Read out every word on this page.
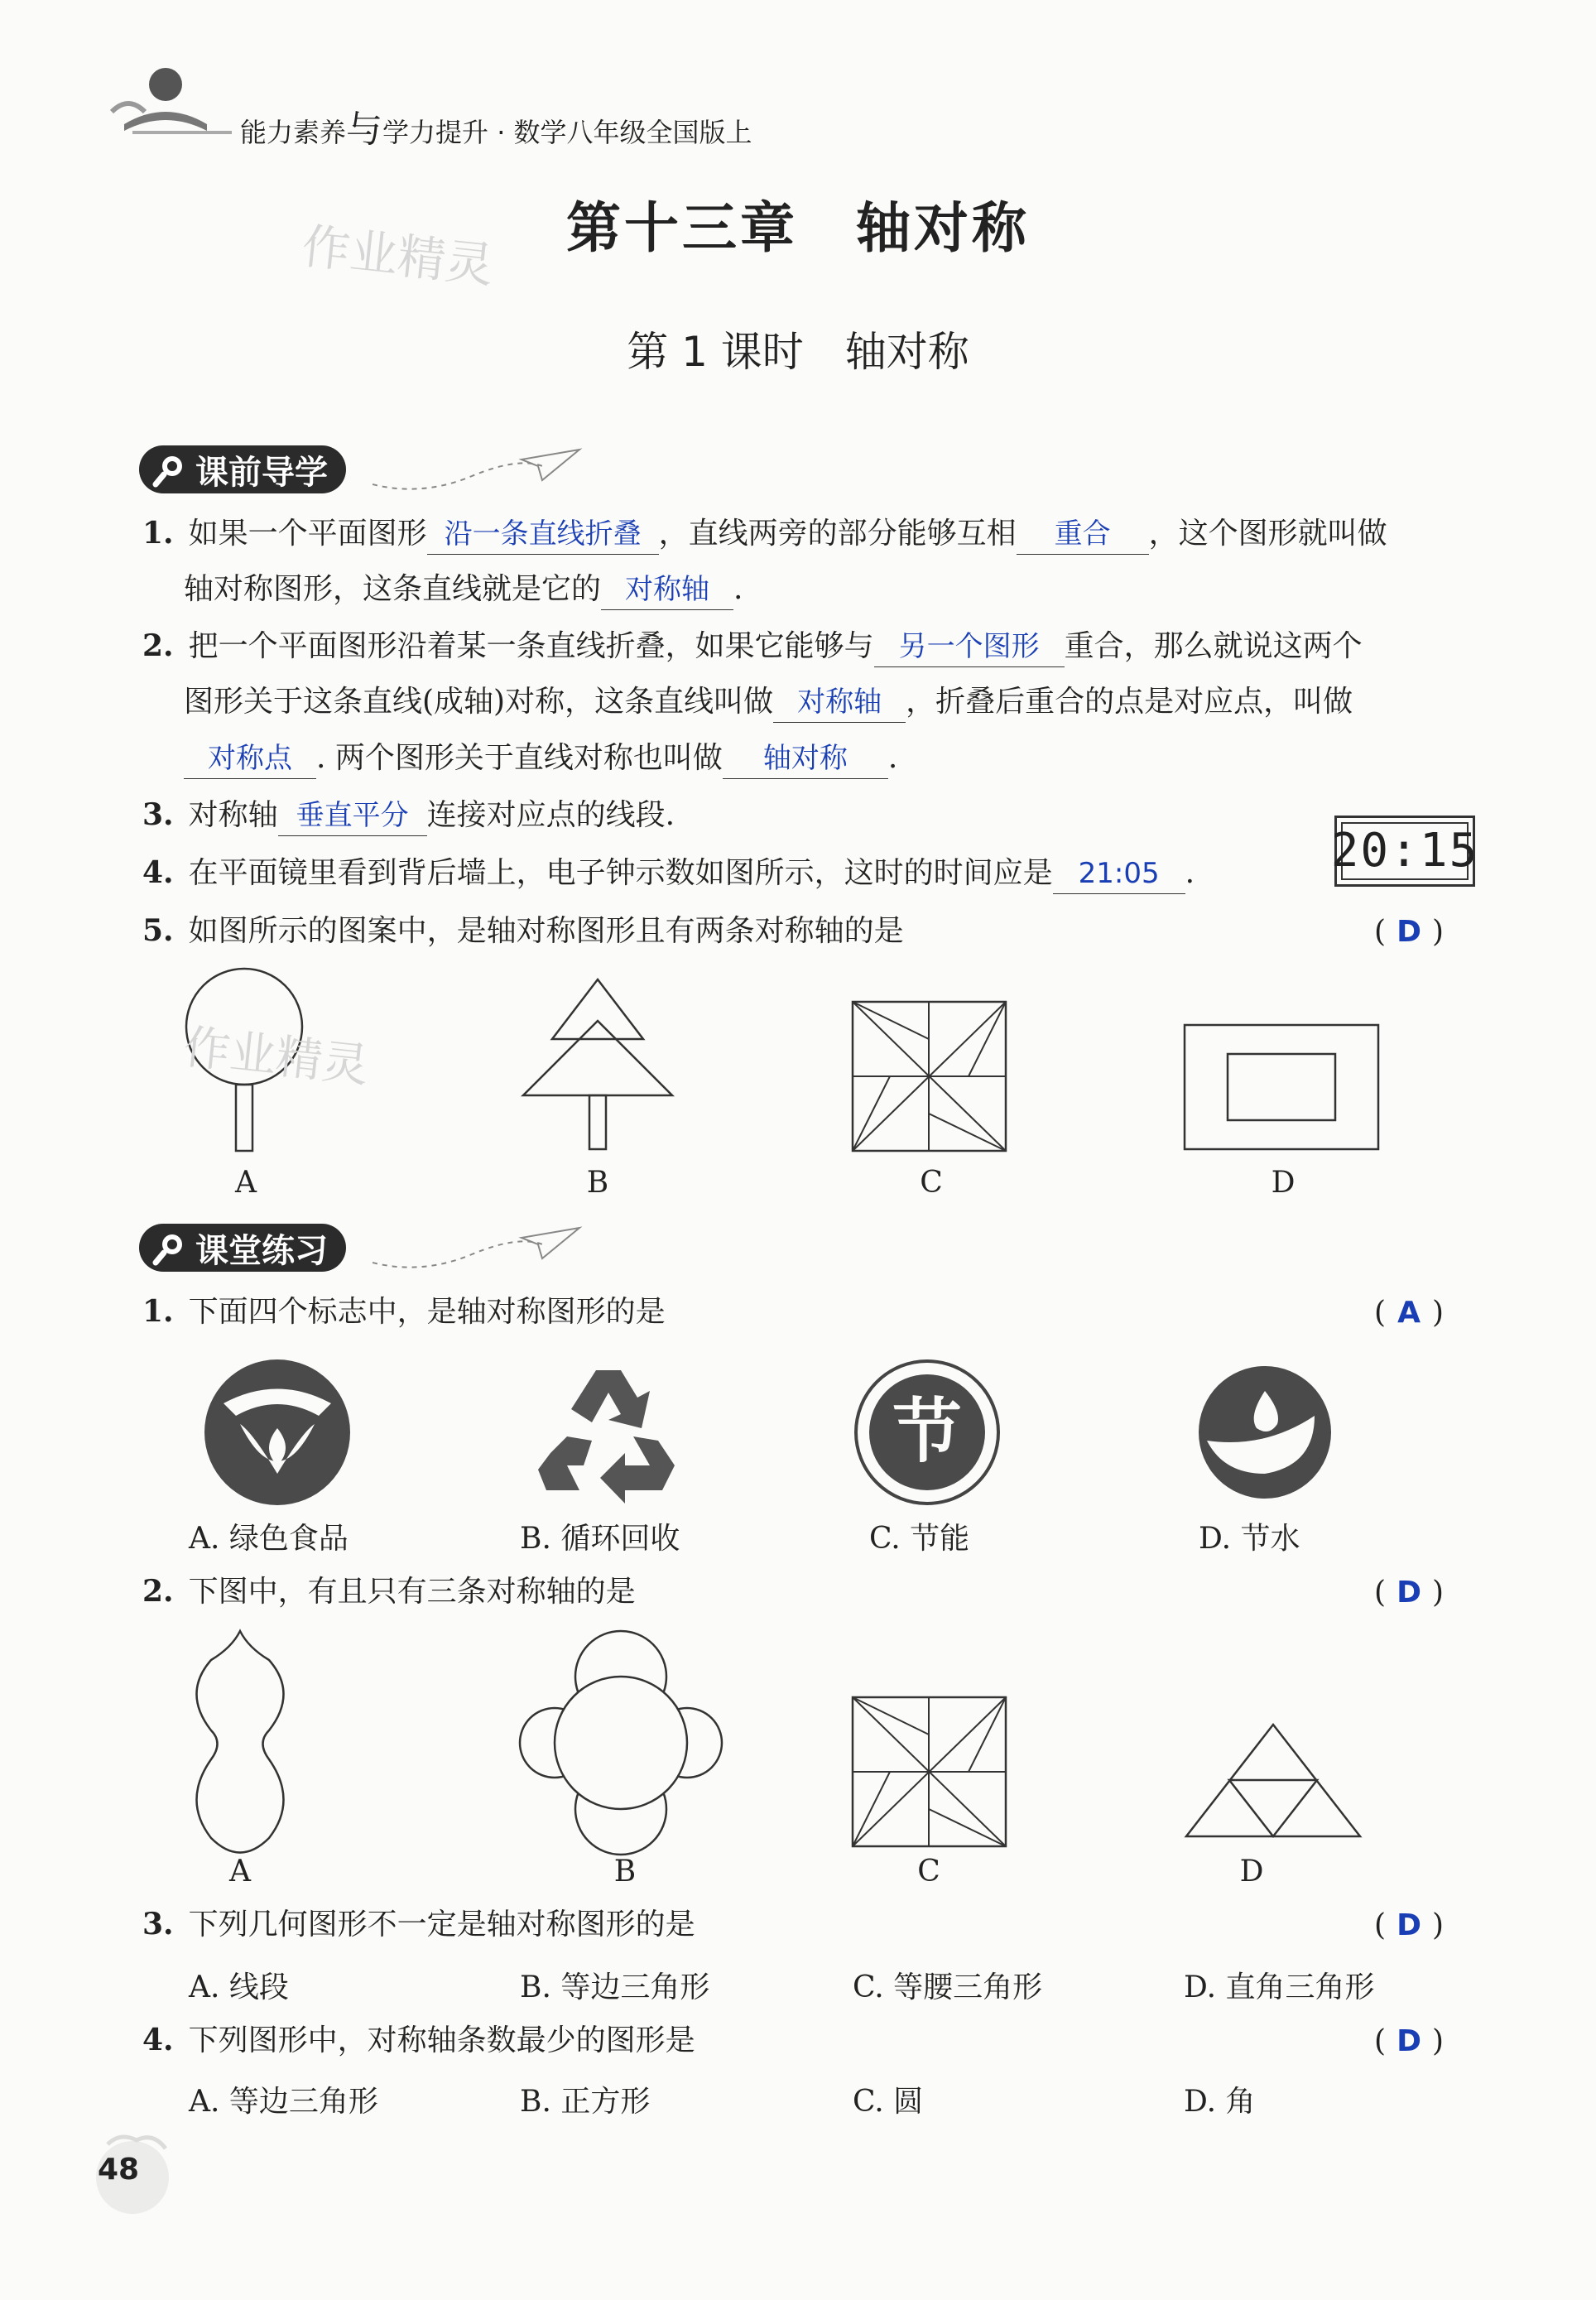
能力素养与学力提升 · 数学八年级全国版上
第十三章　轴对称
作业精灵
第 1 课时　轴对称
课前导学
1. 如果一个平面图形 沿一条直线折叠 ，直线两旁的部分能够互相 重合 ，这个图形就叫做
轴对称图形，这条直线就是它的 对称轴 .
2. 把一个平面图形沿着某一条直线折叠，如果它能够与 另一个图形 重合，那么就说这两个
图形关于这条直线(成轴)对称，这条直线叫做 对称轴 ，折叠后重合的点是对应点，叫做
对称点 . 两个图形关于直线对称也叫做 轴对称 .
3. 对称轴 垂直平分 连接对应点的线段.
4. 在平面镜里看到背后墙上，电子钟示数如图所示，这时的时间应是 21:05 .	20:15
5. 如图所示的图案中，是轴对称图形且有两条对称轴的是	( D )
作业精灵
A	B	C	D
课堂练习
1. 下面四个标志中，是轴对称图形的是	( A )
节
A. 绿色食品	B. 循环回收	C. 节能	D. 节水
2. 下图中，有且只有三条对称轴的是	( D )
A	B	C	D
3. 下列几何图形不一定是轴对称图形的是	( D )
A. 线段	B. 等边三角形	C. 等腰三角形	D. 直角三角形
4. 下列图形中，对称轴条数最少的图形是	( D )
A. 等边三角形	B. 正方形	C. 圆	D. 角
48
